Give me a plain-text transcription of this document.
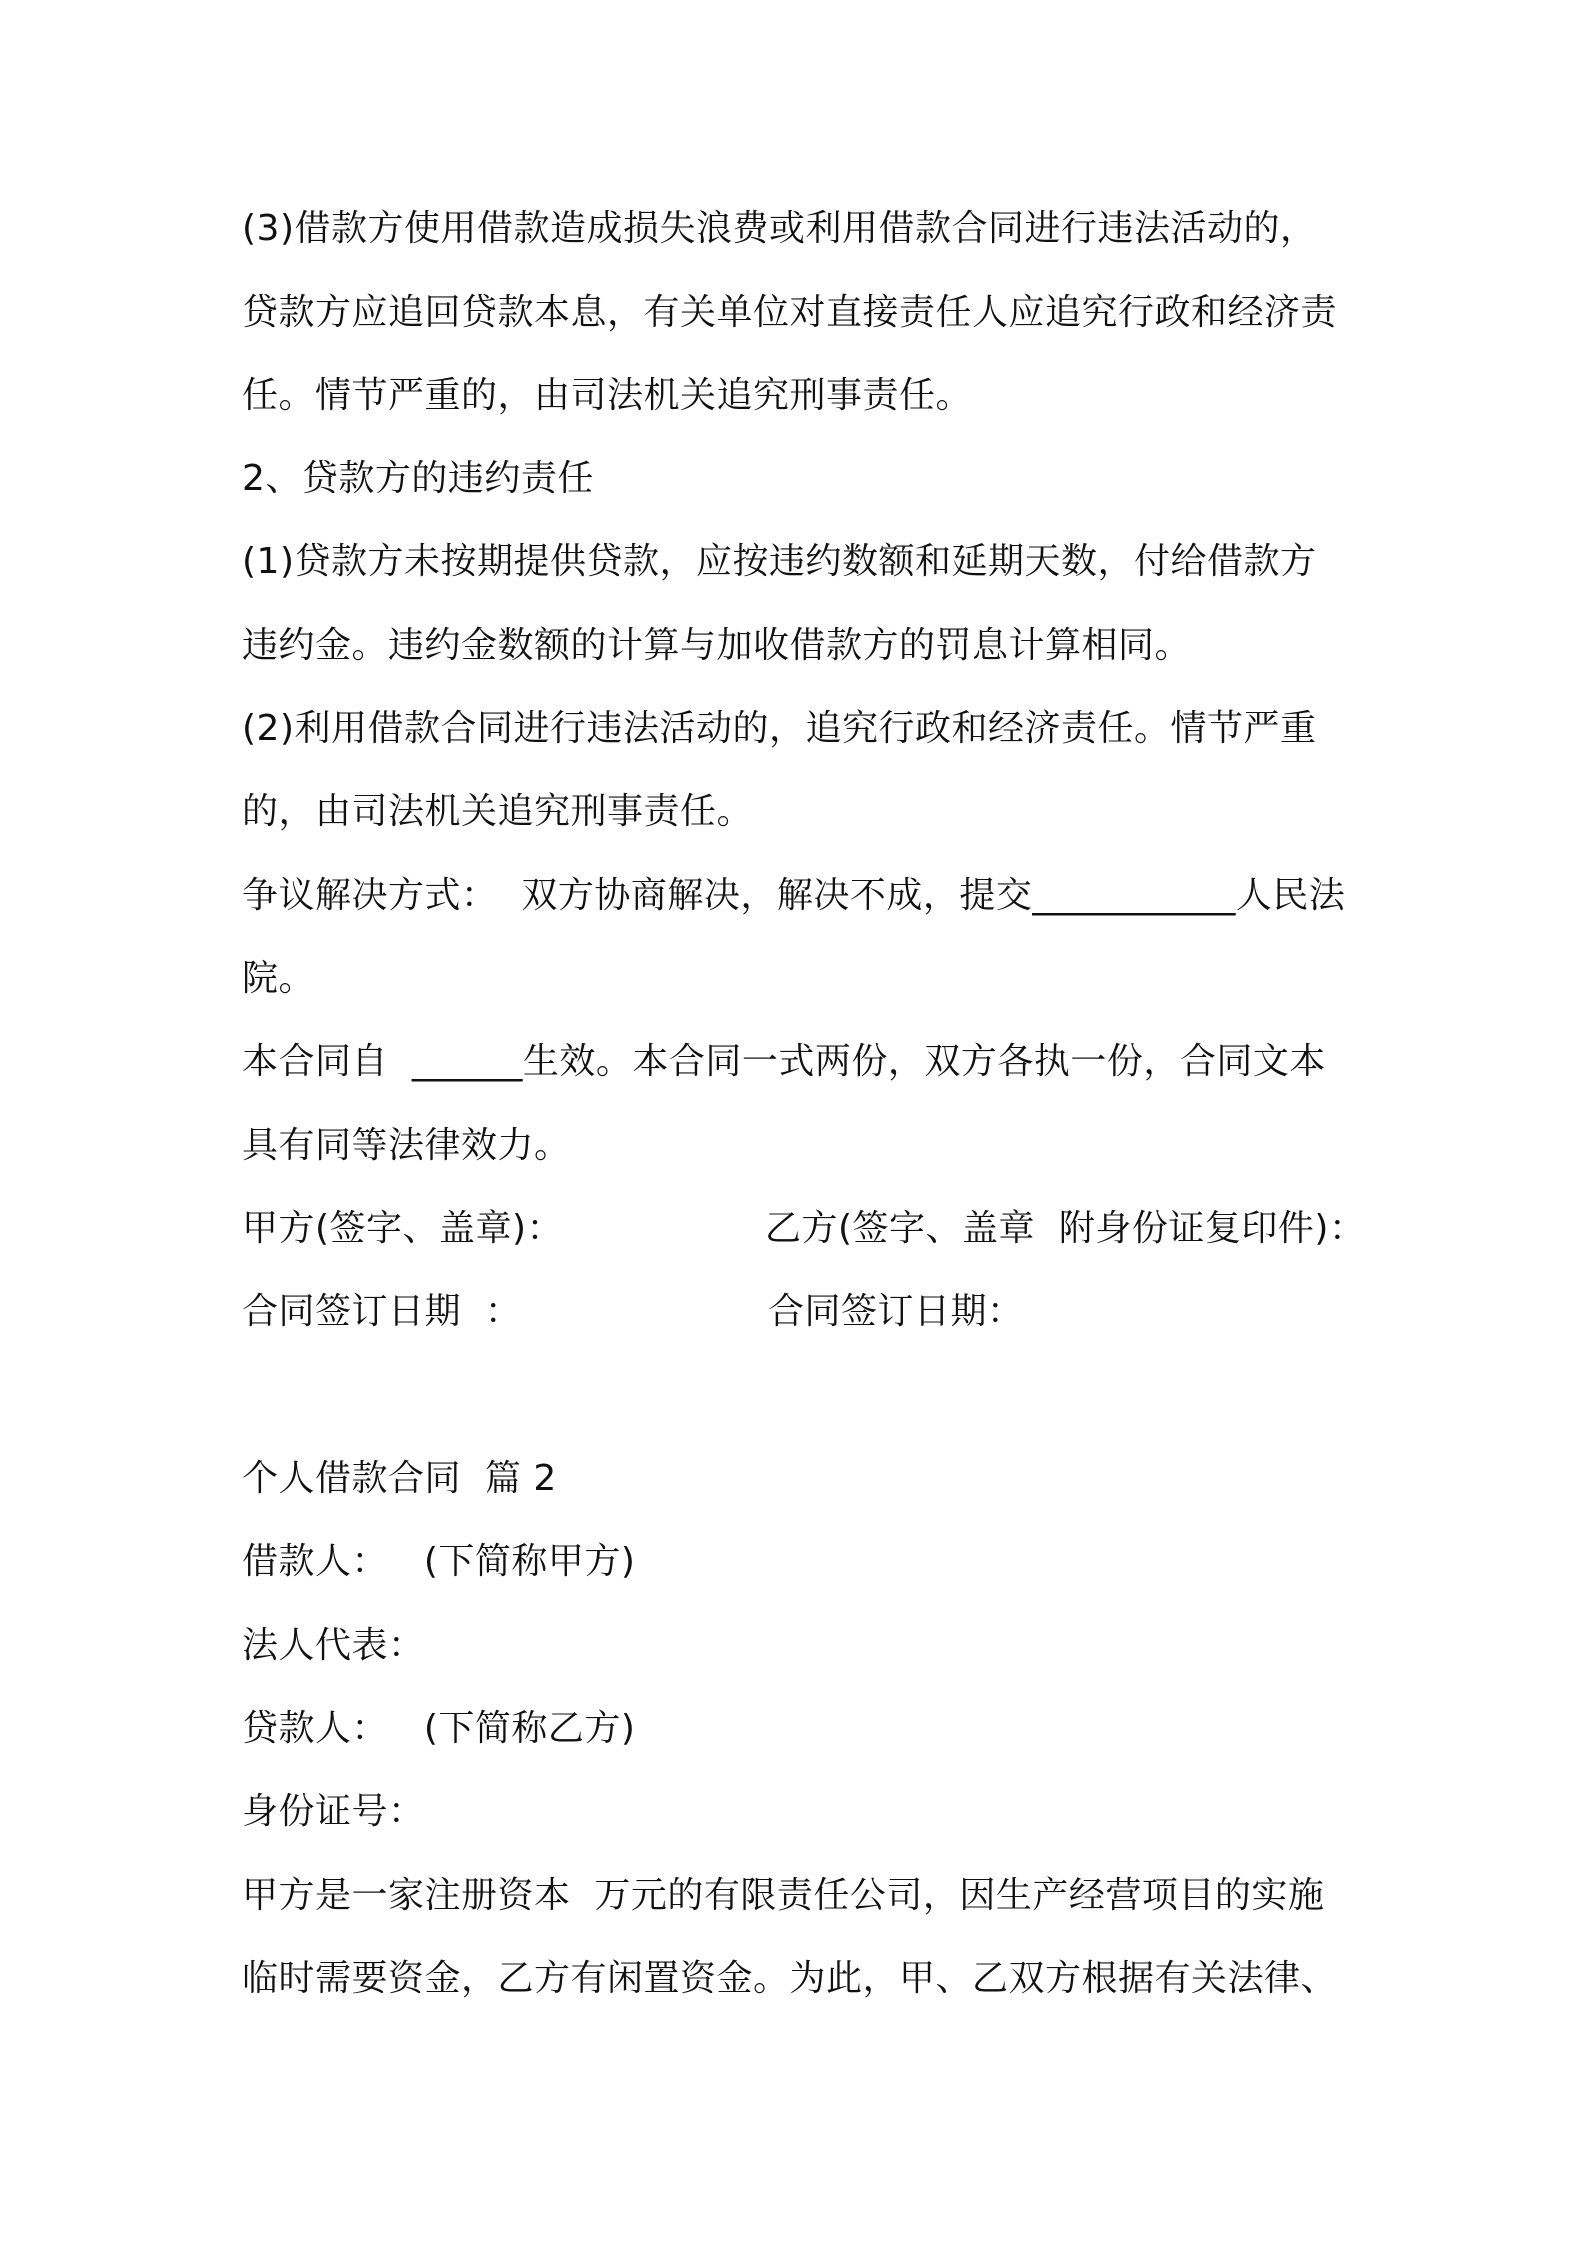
(3)借款方使用借款造成损失浪费或利用借款合同进行违法活动的，
贷款方应追回贷款本息，有关单位对直接责任人应追究行政和经济责
任。情节严重的，由司法机关追究刑事责任。
2、贷款方的违约责任
(1)贷款方未按期提供贷款，应按违约数额和延期天数，付给借款方
违约金。违约金数额的计算与加收借款方的罚息计算相同。
(2)利用借款合同进行违法活动的，追究行政和经济责任。情节严重
的，由司法机关追究刑事责任。
争议解决方式：  双方协商解决，解决不成，提交___________人民法
院。
本合同自  ______生效。本合同一式两份，双方各执一份，合同文本
具有同等法律效力。
甲方(签字、盖章)：	乙方(签字、盖章  附身份证复印件)：
合同签订日期  ：	合同签订日期：
个人借款合同  篇 2
借款人：   (下简称甲方)
法人代表：
贷款人：   (下简称乙方)
身份证号：
甲方是一家注册资本  万元的有限责任公司，因生产经营项目的实施
临时需要资金，乙方有闲置资金。为此，甲、乙双方根据有关法律、
